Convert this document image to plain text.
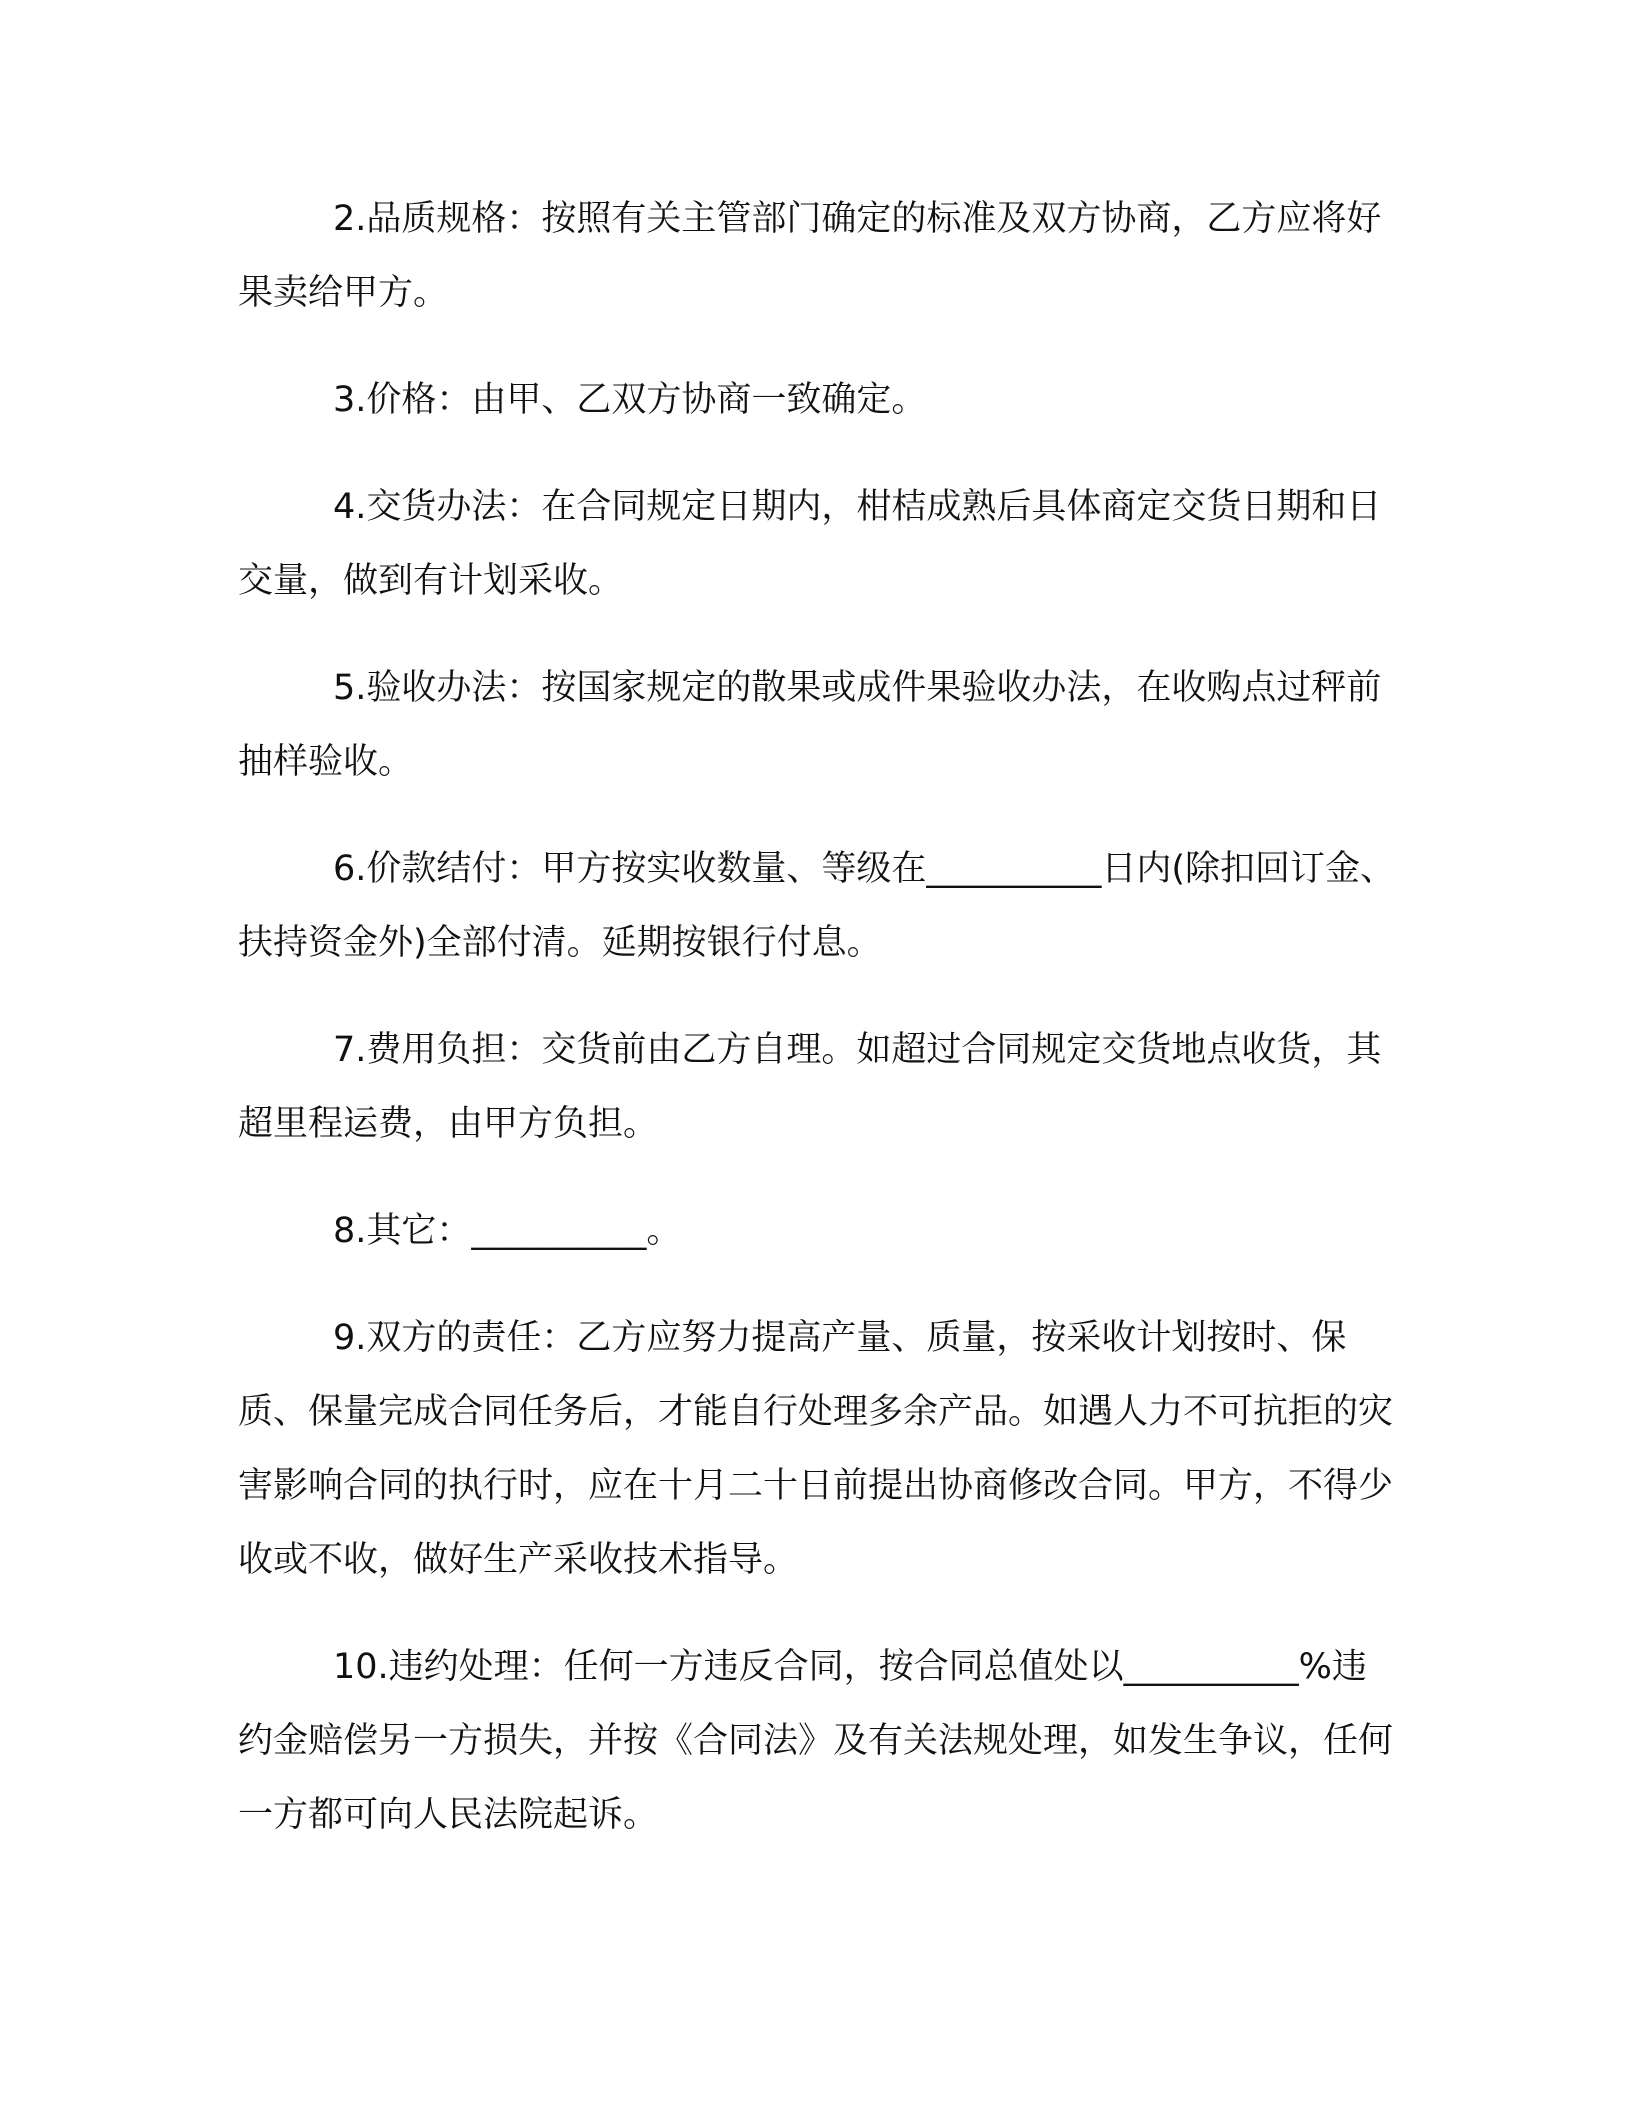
2.品质规格：按照有关主管部门确定的标准及双方协商，乙方应将好果卖给甲方。

3.价格：由甲、乙双方协商一致确定。

4.交货办法：在合同规定日期内，柑桔成熟后具体商定交货日期和日交量，做到有计划采收。

5.验收办法：按国家规定的散果或成件果验收办法，在收购点过秤前抽样验收。

6.价款结付：甲方按实收数量、等级在__________日内(除扣回订金、扶持资金外)全部付清。延期按银行付息。

7.费用负担：交货前由乙方自理。如超过合同规定交货地点收货，其超里程运费，由甲方负担。

8.其它：__________。

9.双方的责任：乙方应努力提高产量、质量，按采收计划按时、保质、保量完成合同任务后，才能自行处理多余产品。如遇人力不可抗拒的灾害影响合同的执行时，应在十月二十日前提出协商修改合同。甲方，不得少收或不收，做好生产采收技术指导。

10.违约处理：任何一方违反合同，按合同总值处以__________%违约金赔偿另一方损失，并按《合同法》及有关法规处理，如发生争议，任何一方都可向人民法院起诉。
